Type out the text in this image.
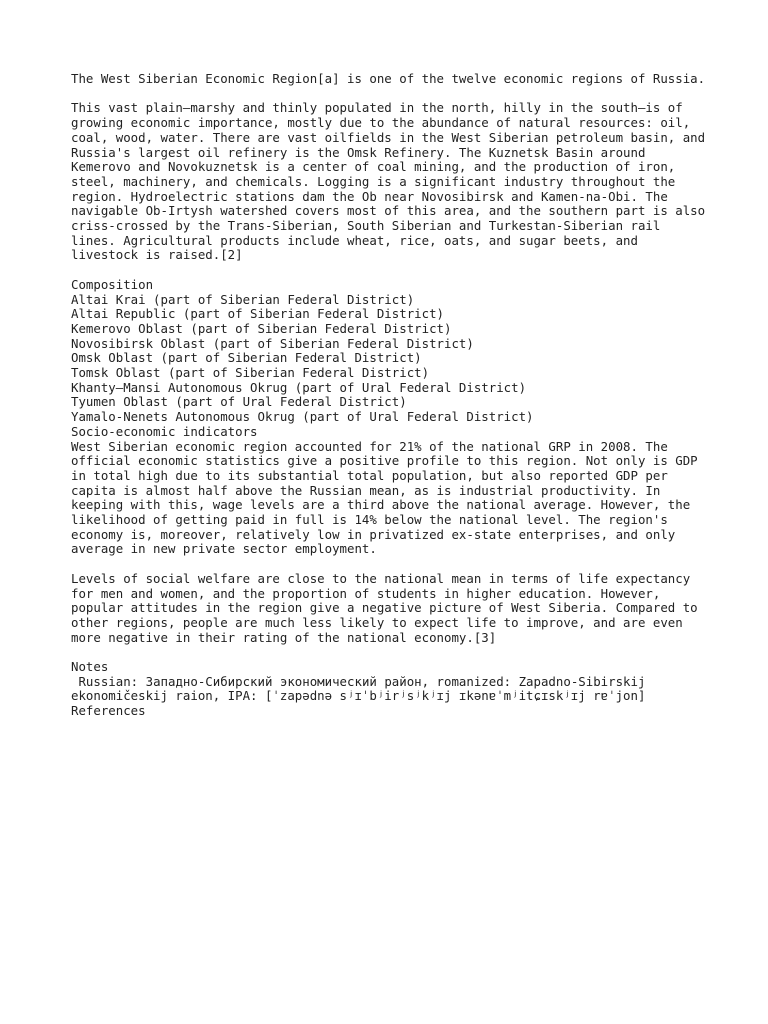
The West Siberian Economic Region[a] is one of the twelve economic regions of Russia.

This vast plain—marshy and thinly populated in the north, hilly in the south—is of growing economic importance, mostly due to the abundance of natural resources: oil, coal, wood, water. There are vast oilfields in the West Siberian petroleum basin, and Russia's largest oil refinery is the Omsk Refinery. The Kuznetsk Basin around Kemerovo and Novokuznetsk is a center of coal mining, and the production of iron, steel, machinery, and chemicals. Logging is a significant industry throughout the region. Hydroelectric stations dam the Ob near Novosibirsk and Kamen-na-Obi. The navigable Ob-Irtysh watershed covers most of this area, and the southern part is also criss-crossed by the Trans-Siberian, South Siberian and Turkestan-Siberian rail lines. Agricultural products include wheat, rice, oats, and sugar beets, and livestock is raised.[2]

Composition
Altai Krai (part of Siberian Federal District)
Altai Republic (part of Siberian Federal District)
Kemerovo Oblast (part of Siberian Federal District)
Novosibirsk Oblast (part of Siberian Federal District)
Omsk Oblast (part of Siberian Federal District)
Tomsk Oblast (part of Siberian Federal District)
Khanty–Mansi Autonomous Okrug (part of Ural Federal District)
Tyumen Oblast (part of Ural Federal District)
Yamalo-Nenets Autonomous Okrug (part of Ural Federal District)
Socio-economic indicators

West Siberian economic region accounted for 21% of the national GRP in 2008. The official economic statistics give a positive profile to this region. Not only is GDP in total high due to its substantial total population, but also reported GDP per capita is almost half above the Russian mean, as is industrial productivity. In keeping with this, wage levels are a third above the national average. However, the likelihood of getting paid in full is 14% below the national level. The region's economy is, moreover, relatively low in privatized ex-state enterprises, and only average in new private sector employment.

Levels of social welfare are close to the national mean in terms of life expectancy for men and women, and the proportion of students in higher education. However, popular attitudes in the region give a negative picture of West Siberia. Compared to other regions, people are much less likely to expect life to improve, and are even more negative in their rating of the national economy.[3]

Notes

Russian: Западно-Сибирский экономический район, romanized: Zapadno-Sibirskij ekonomičeskij raion, IPA: [ˈzapədnə sʲɪˈbʲirʲsʲkʲɪj ɪkənɐˈmʲitɕɪskʲɪj rɐˈjon]

References
